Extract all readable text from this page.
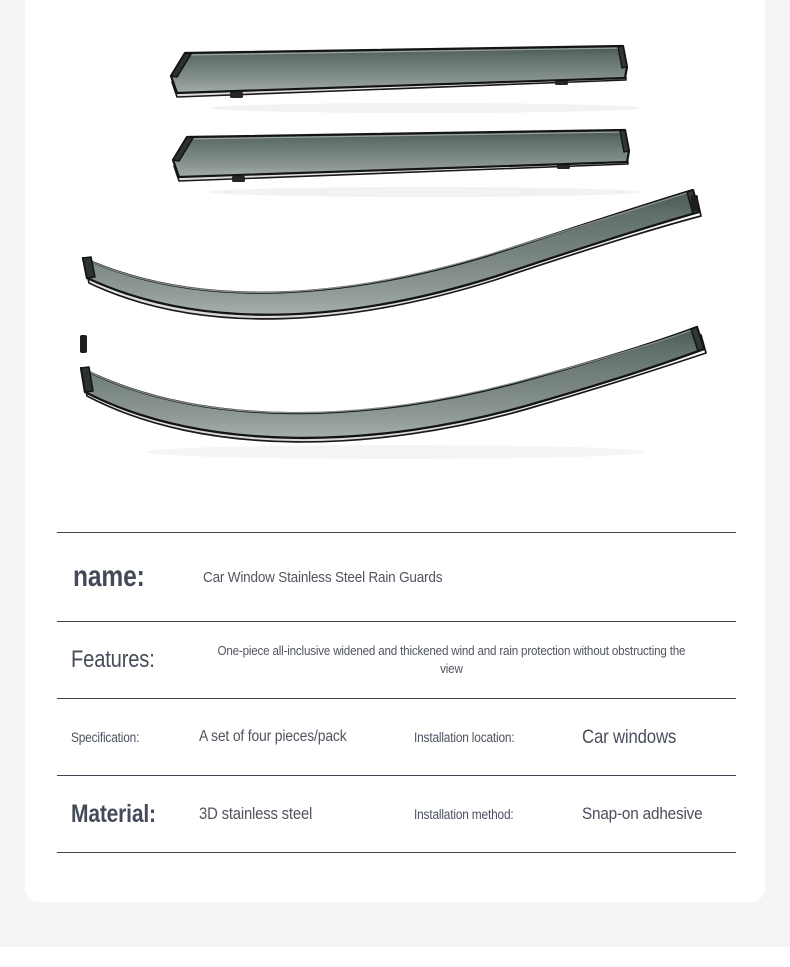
name:	Car Window Stainless Steel Rain Guards
Features:	One-piece all-inclusive widened and thickened wind and rain protection without obstructing the view
Specification:	A set of four pieces/pack	Installation location:	Car windows
Material:	3D stainless steel	Installation method:	Snap-on adhesive
